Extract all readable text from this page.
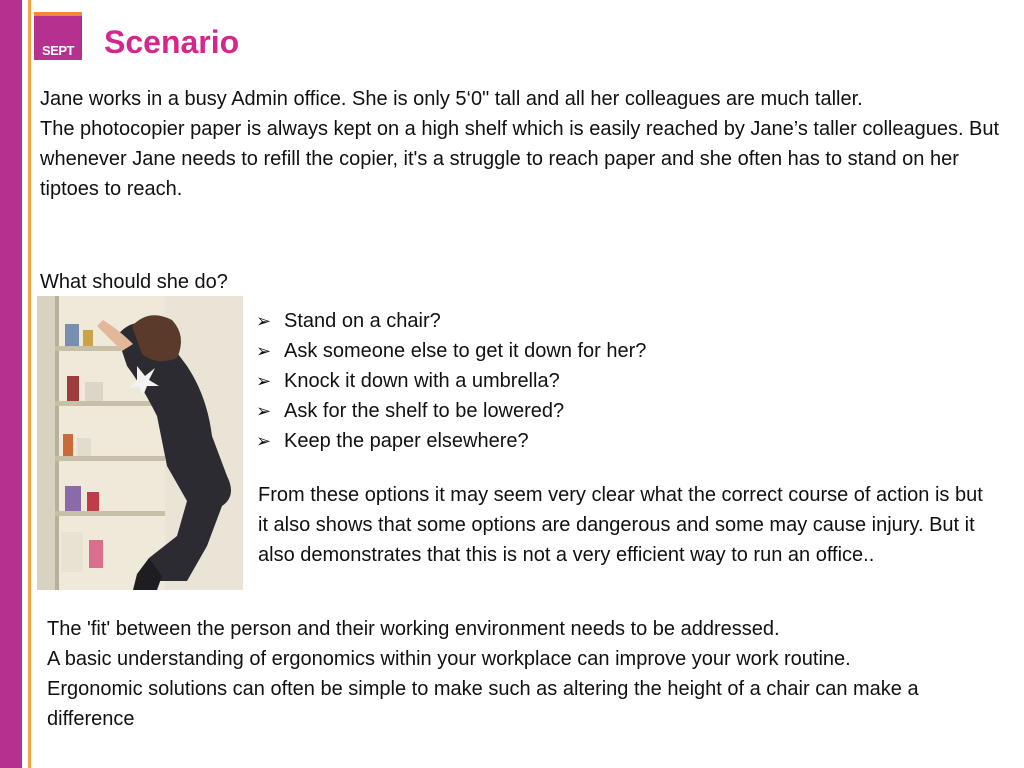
SEPT Scenario

Jane works in a busy Admin office. She is only 5‘0" tall and all her colleagues are much taller.

The photocopier paper is always kept on a high shelf which is easily reached by Jane’s taller colleagues. But whenever Jane needs to refill the copier, it's a struggle to reach paper and she often has to stand on her tiptoes to reach.

What should she do?
➢ Stand on a chair?
➢ Ask someone else to get it down for her?
➢ Knock it down with a umbrella?
➢ Ask for the shelf to be lowered?
➢ Keep the paper elsewhere?

From these options it may seem very clear what the correct course of action is but it also shows that some options are dangerous and some may cause injury. But it also demonstrates that this is not a very efficient way to run an office..

The 'fit' between the person and their working environment needs to be addressed.
A basic understanding of ergonomics within your workplace can improve your work routine. Ergonomic solutions can often be simple to make such as altering the height of a chair can make a difference
